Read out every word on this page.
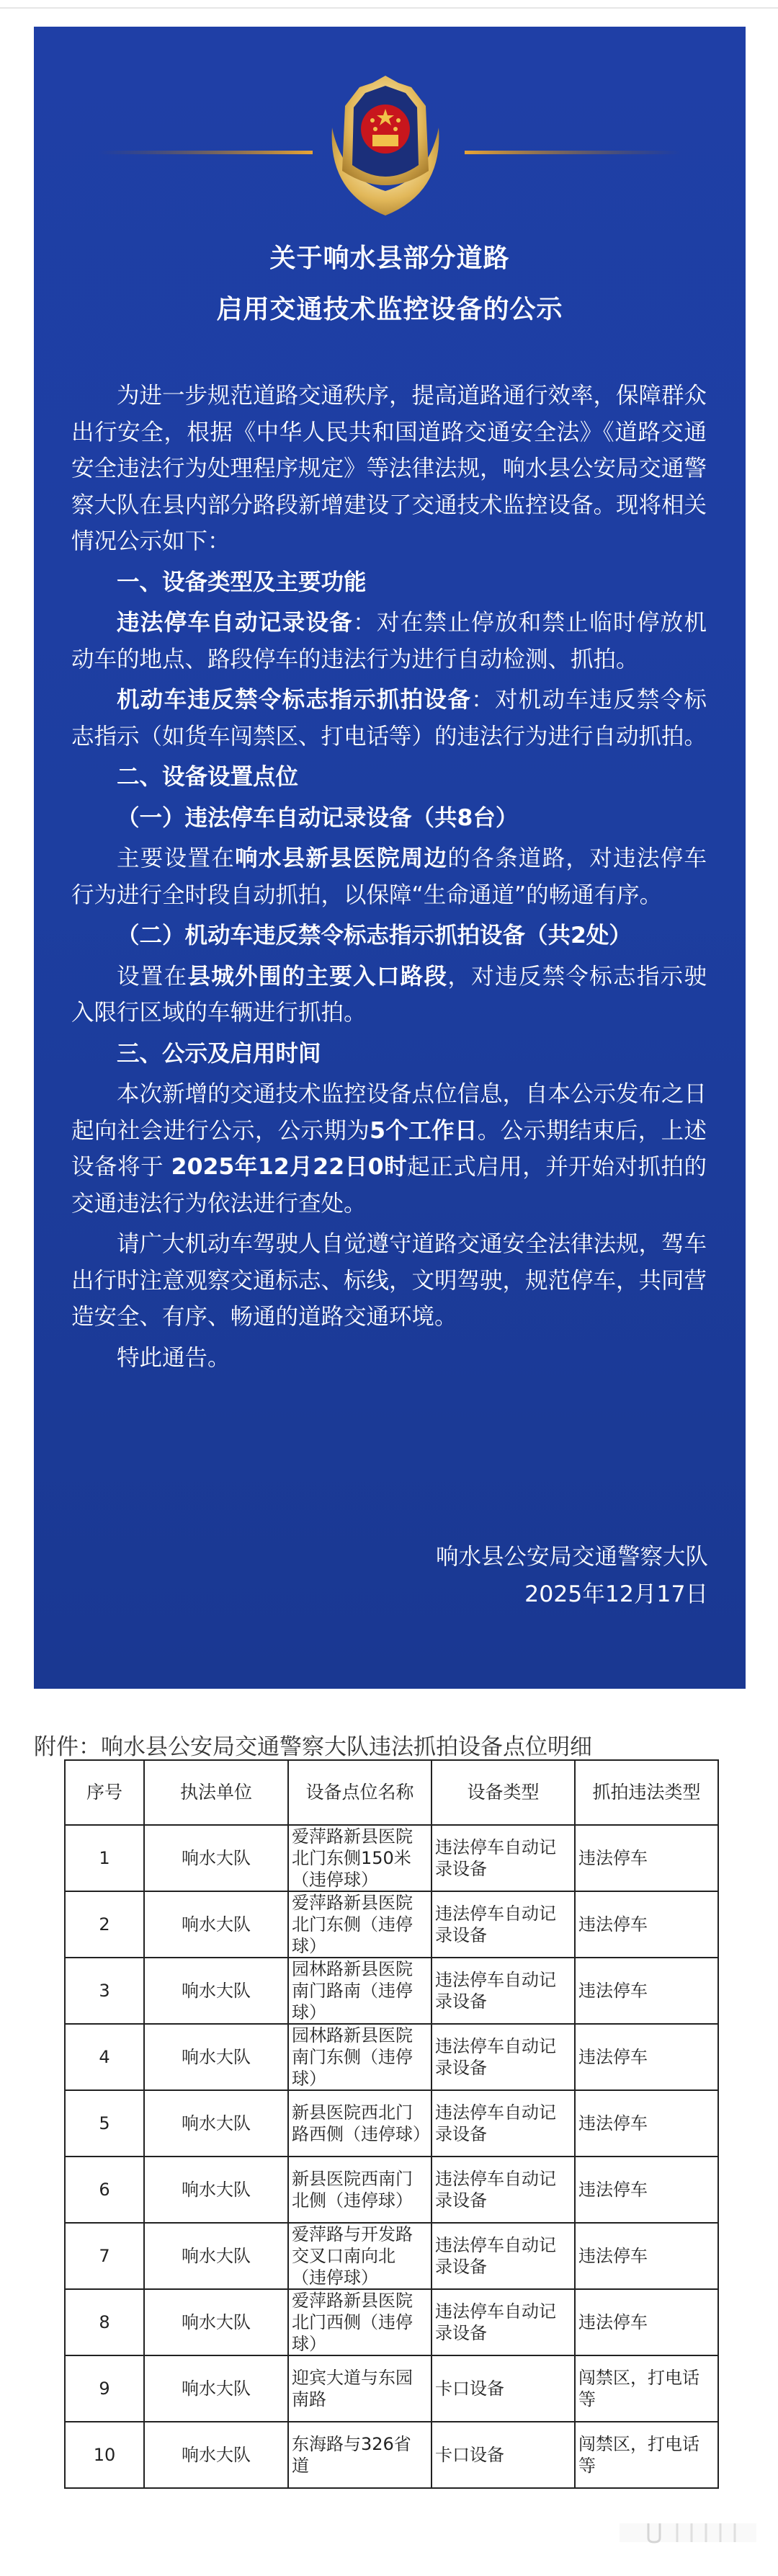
关于响水县部分道路
启用交通技术监控设备的公示

为进一步规范道路交通秩序，提高道路通行效率，保障群众出行安全，根据《中华人民共和国道路交通安全法》《道路交通安全违法行为处理程序规定》等法律法规，响水县公安局交通警察大队在县内部分路段新增建设了交通技术监控设备。现将相关情况公示如下：

一、设备类型及主要功能

违法停车自动记录设备：对在禁止停放和禁止临时停放机动车的地点、路段停车的违法行为进行自动检测、抓拍。

机动车违反禁令标志指示抓拍设备：对机动车违反禁令标志指示（如货车闯禁区、打电话等）的违法行为进行自动抓拍。

二、设备设置点位

（一）违法停车自动记录设备（共8台）

主要设置在响水县新县医院周边的各条道路，对违法停车行为进行全时段自动抓拍，以保障“生命通道”的畅通有序。

（二）机动车违反禁令标志指示抓拍设备（共2处）

设置在县城外围的主要入口路段，对违反禁令标志指示驶入限行区域的车辆进行抓拍。

三、公示及启用时间

本次新增的交通技术监控设备点位信息，自本公示发布之日起向社会进行公示，公示期为5个工作日。公示期结束后，上述设备将于 2025年12月22日0时起正式启用，并开始对抓拍的交通违法行为依法进行查处。

请广大机动车驾驶人自觉遵守道路交通安全法律法规，驾车出行时注意观察交通标志、标线，文明驾驶，规范停车，共同营造安全、有序、畅通的道路交通环境。

特此通告。

响水县公安局交通警察大队
2025年12月17日
附件：响水县公安局交通警察大队违法抓拍设备点位明细
序号	执法单位	设备点位名称	设备类型	抓拍违法类型
1	响水大队	爱萍路新县医院北门东侧150米（违停球）	违法停车自动记录设备	违法停车
2	响水大队	爱萍路新县医院北门东侧（违停球）	违法停车自动记录设备	违法停车
3	响水大队	园林路新县医院南门路南（违停球）	违法停车自动记录设备	违法停车
4	响水大队	园林路新县医院南门东侧（违停球）	违法停车自动记录设备	违法停车
5	响水大队	新县医院西北门路西侧（违停球）	违法停车自动记录设备	违法停车
6	响水大队	新县医院西南门北侧（违停球）	违法停车自动记录设备	违法停车
7	响水大队	爱萍路与开发路交叉口南向北（违停球）	违法停车自动记录设备	违法停车
8	响水大队	爱萍路新县医院北门西侧（违停球）	违法停车自动记录设备	违法停车
9	响水大队	迎宾大道与东园南路	卡口设备	闯禁区，打电话等
10	响水大队	东海路与326省道	卡口设备	闯禁区，打电话等
